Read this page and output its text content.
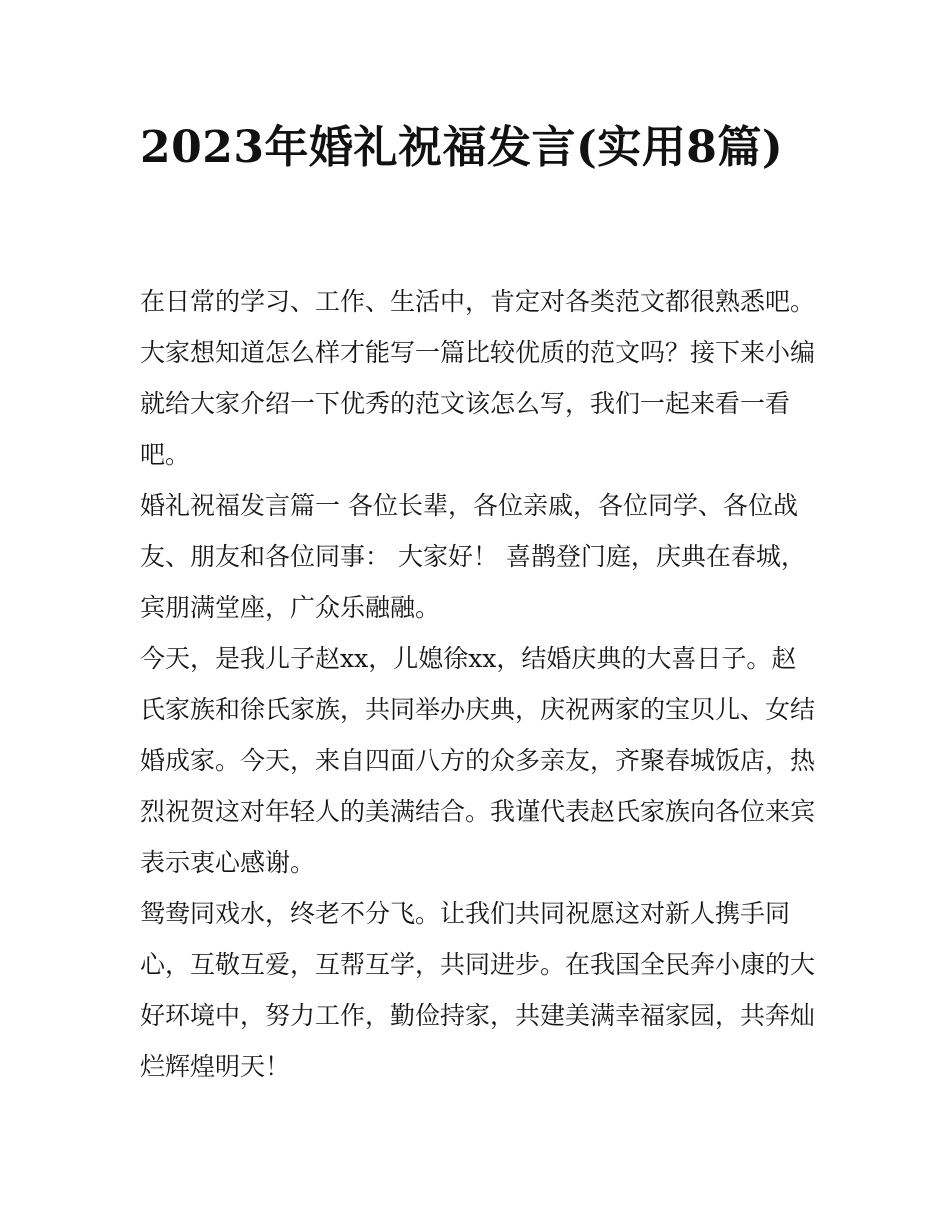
2023年婚礼祝福发言(实用8篇)

在日常的学习、工作、生活中，肯定对各类范文都很熟悉吧。大家想知道怎么样才能写一篇比较优质的范文吗？接下来小编就给大家介绍一下优秀的范文该怎么写，我们一起来看一看吧。

婚礼祝福发言篇一 各位长辈，各位亲戚，各位同学、各位战友、朋友和各位同事： 大家好！ 喜鹊登门庭，庆典在春城，宾朋满堂座，广众乐融融。

今天，是我儿子赵xx，儿媳徐xx，结婚庆典的大喜日子。赵氏家族和徐氏家族，共同举办庆典，庆祝两家的宝贝儿、女结婚成家。今天，来自四面八方的众多亲友，齐聚春城饭店，热烈祝贺这对年轻人的美满结合。我谨代表赵氏家族向各位来宾表示衷心感谢。

鸳鸯同戏水，终老不分飞。让我们共同祝愿这对新人携手同心，互敬互爱，互帮互学，共同进步。在我国全民奔小康的大好环境中，努力工作，勤俭持家，共建美满幸福家园，共奔灿烂辉煌明天！
